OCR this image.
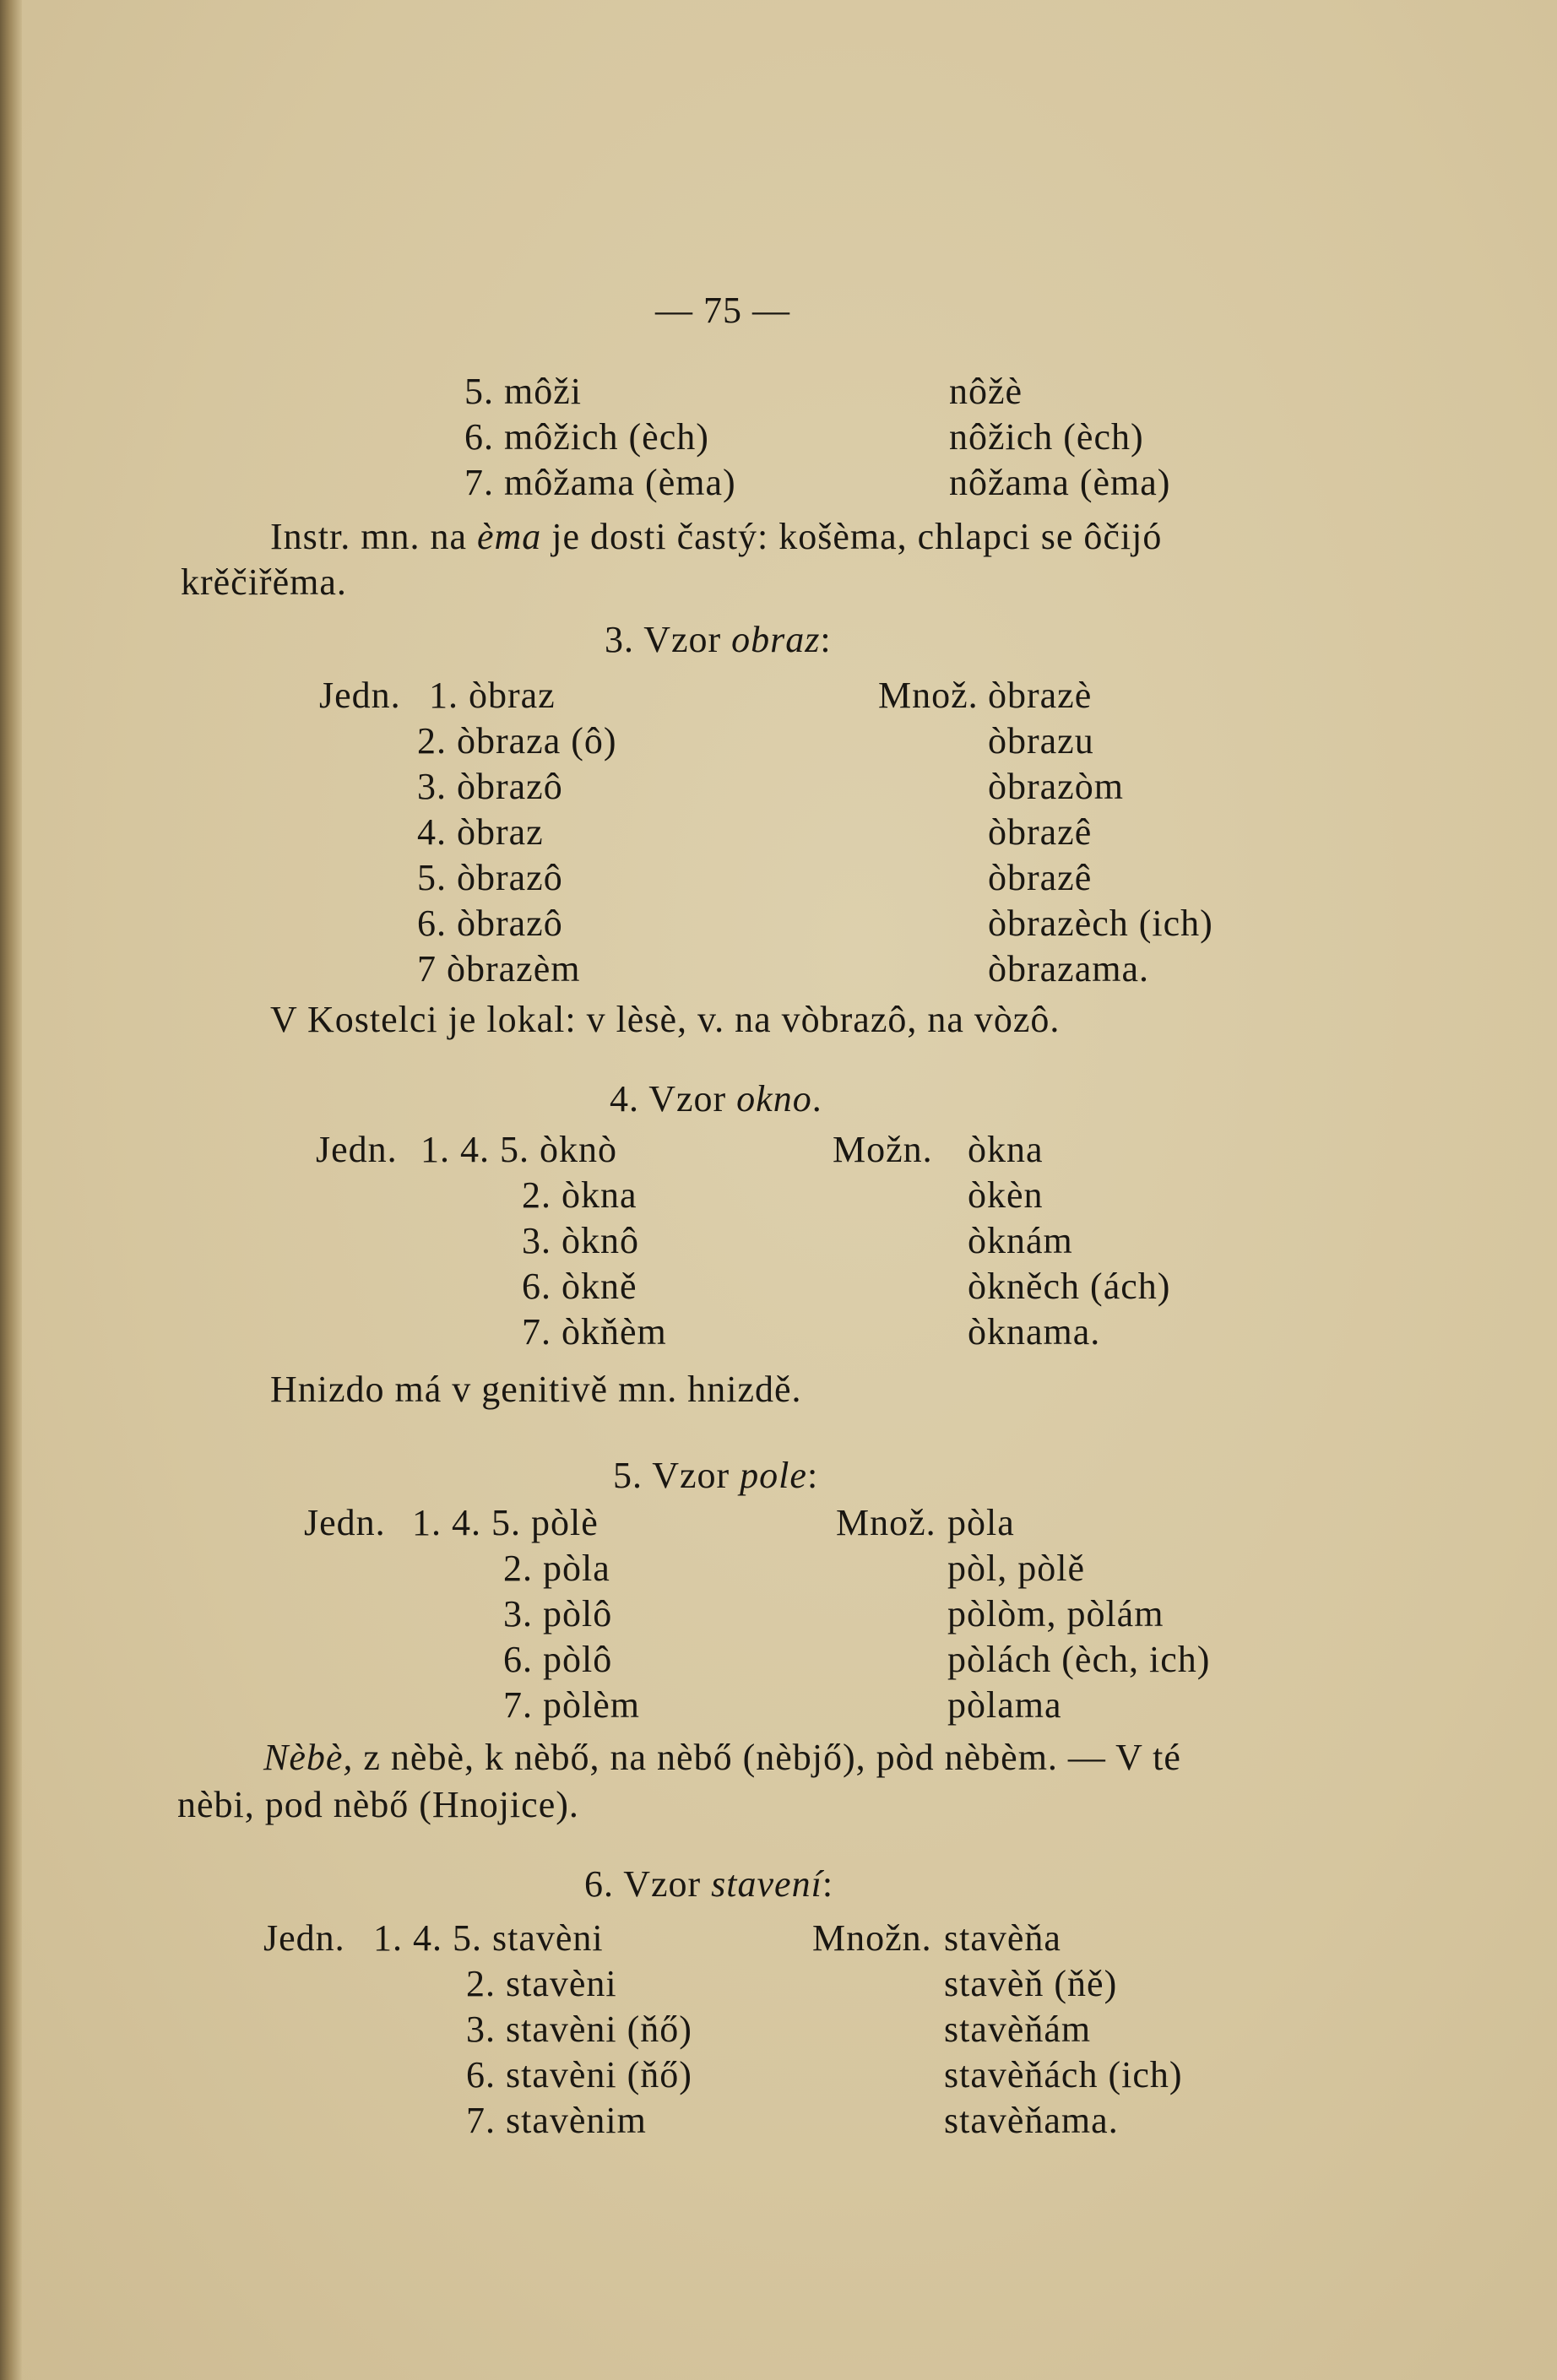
— 75 —
5. môži	nôžè
6. môžich (èch)	nôžich (èch)
7. môžama (èma)	nôžama (èma)
Instr. mn. na èma je dosti častý: košèma, chlapci se ôčijó
krěčiřěma.
3. Vzor obraz:
Jedn.	Množ.
1. òbraz	òbrazè
2. òbraza (ô)	òbrazu
3. òbrazô	òbrazòm
4. òbraz	òbrazê
5. òbrazô	òbrazê
6. òbrazô	òbrazèch (ich)
7 òbrazèm	òbrazama.
V Kostelci je lokal: v lèsè, v. na vòbrazô, na vòzô.
4. Vzor okno.
Jedn.	Možn.
1. 4. 5. òknò	òkna
2. òkna	òkèn
3. òknô	òknám
6. òkně	òkněch (ách)
7. òkňèm	òknama.
Hnizdo má v genitivě mn. hnizdě.
5. Vzor pole:
Jedn.	Množ.
1. 4. 5. pòlè	pòla
2. pòla	pòl, pòlě
3. pòlô	pòlòm, pòlám
6. pòlô	pòlách (èch, ich)
7. pòlèm	pòlama
Nèbè, z nèbè, k nèbő, na nèbő (nèbjő), pòd nèbèm. — V té
nèbi, pod nèbő (Hnojice).
6. Vzor stavení:
Jedn.	Množn.
1. 4. 5. stavèni	stavèňa
2. stavèni	stavèň (ňě)
3. stavèni (ňő)	stavèňám
6. stavèni (ňő)	stavèňách (ich)
7. stavènim	stavèňama.
